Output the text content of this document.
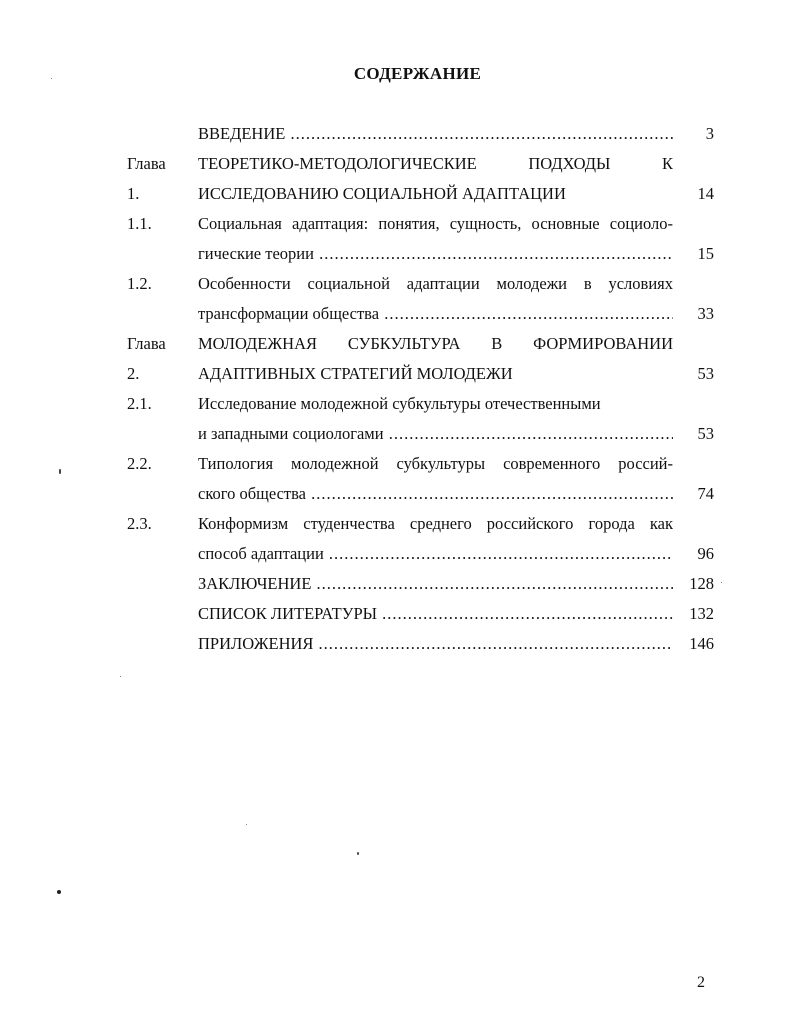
СОДЕРЖАНИЕ
ВВЕДЕНИЕ .....	3
Глава ТЕОРЕТИКО-МЕТОДОЛОГИЧЕСКИЕ ПОДХОДЫ К
1.	ИССЛЕДОВАНИЮ СОЦИАЛЬНОЙ АДАПТАЦИИ	14
1.1.	Социальная адаптация: понятия, сущность, основные социоло-
гические теории .....	15
1.2.	Особенности социальной адаптации молодежи в условиях
трансформации общества .....	33
Глава МОЛОДЕЖНАЯ СУБКУЛЬТУРА В ФОРМИРОВАНИИ
2.	АДАПТИВНЫХ СТРАТЕГИЙ МОЛОДЕЖИ	53
2.1.	Исследование молодежной субкультуры отечественными
и западными социологами .....	53
2.2.	Типология молодежной субкультуры современного россий-
ского общества .....	74
2.3.	Конформизм студенчества среднего российского города как
способ адаптации .....	96
ЗАКЛЮЧЕНИЕ .....	128
СПИСОК ЛИТЕРАТУРЫ .....	132
ПРИЛОЖЕНИЯ .....	146
2
